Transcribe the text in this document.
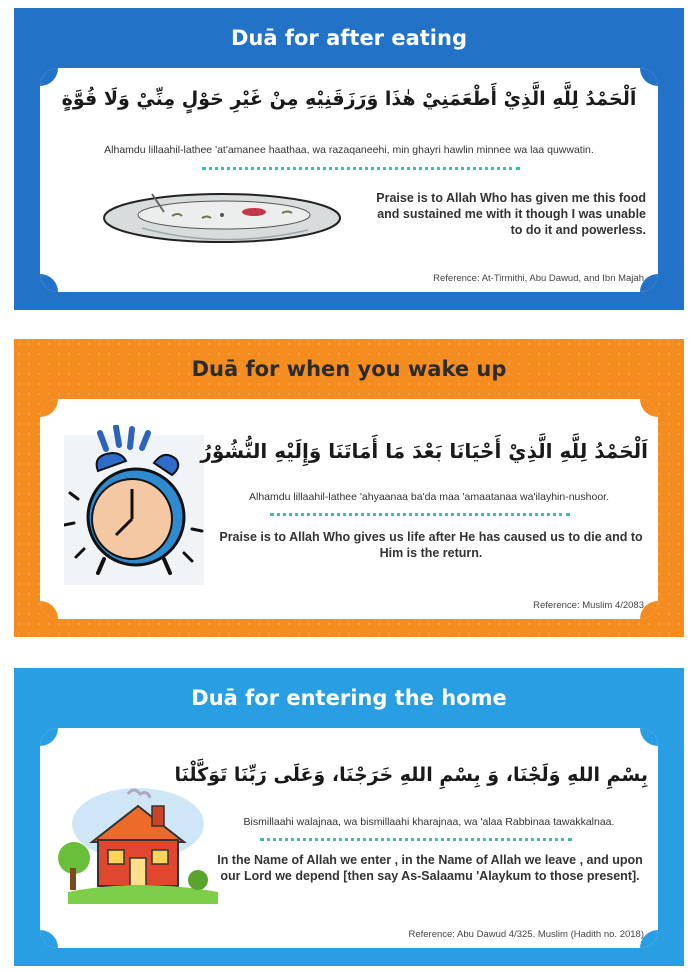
Duā for after eating
اَلْحَمْدُ لِلَّهِ الَّذِيْ أَطْعَمَنِيْ هٰذَا وَرَزَقَنِيْهِ مِنْ غَيْرِ حَوْلٍ مِنِّيْ وَلَا قُوَّةٍ
Alhamdu lillaahil-lathee 'at'amanee haathaa, wa razaqaneehi, min ghayri hawlin minnee wa laa quwwatin.
Praise is to Allah Who has given me this food and sustained me with it though I was unable to do it and powerless.
Reference: At-Tirmithi, Abu Dawud, and Ibn Majah
Duā for when you wake up
اَلْحَمْدُ لِلَّهِ الَّذِيْ أَحْيَانَا بَعْدَ مَا أَمَاتَنَا وَإِلَيْهِ النُّشُوْرُ
Alhamdu lillaahil-lathee 'ahyaanaa ba'da maa 'amaatanaa wa'ilayhin-nushoor.
Praise is to Allah Who gives us life after He has caused us to die and to Him is the return.
Reference: Muslim 4/2083
Duā for entering the home
بِسْمِ اللهِ وَلَجْنَا، وَ بِسْمِ اللهِ خَرَجْنَا، وَعَلَى رَبِّنَا تَوَكَّلْنَا
Bismillaahi walajnaa, wa bismillaahi kharajnaa, wa 'alaa Rabbinaa tawakkalnaa.
In the Name of Allah we enter , in the Name of Allah we leave , and upon our Lord we depend [then say As-Salaamu 'Alaykum to those present].
Reference: Abu Dawud 4/325. Muslim (Hadith no. 2018)
